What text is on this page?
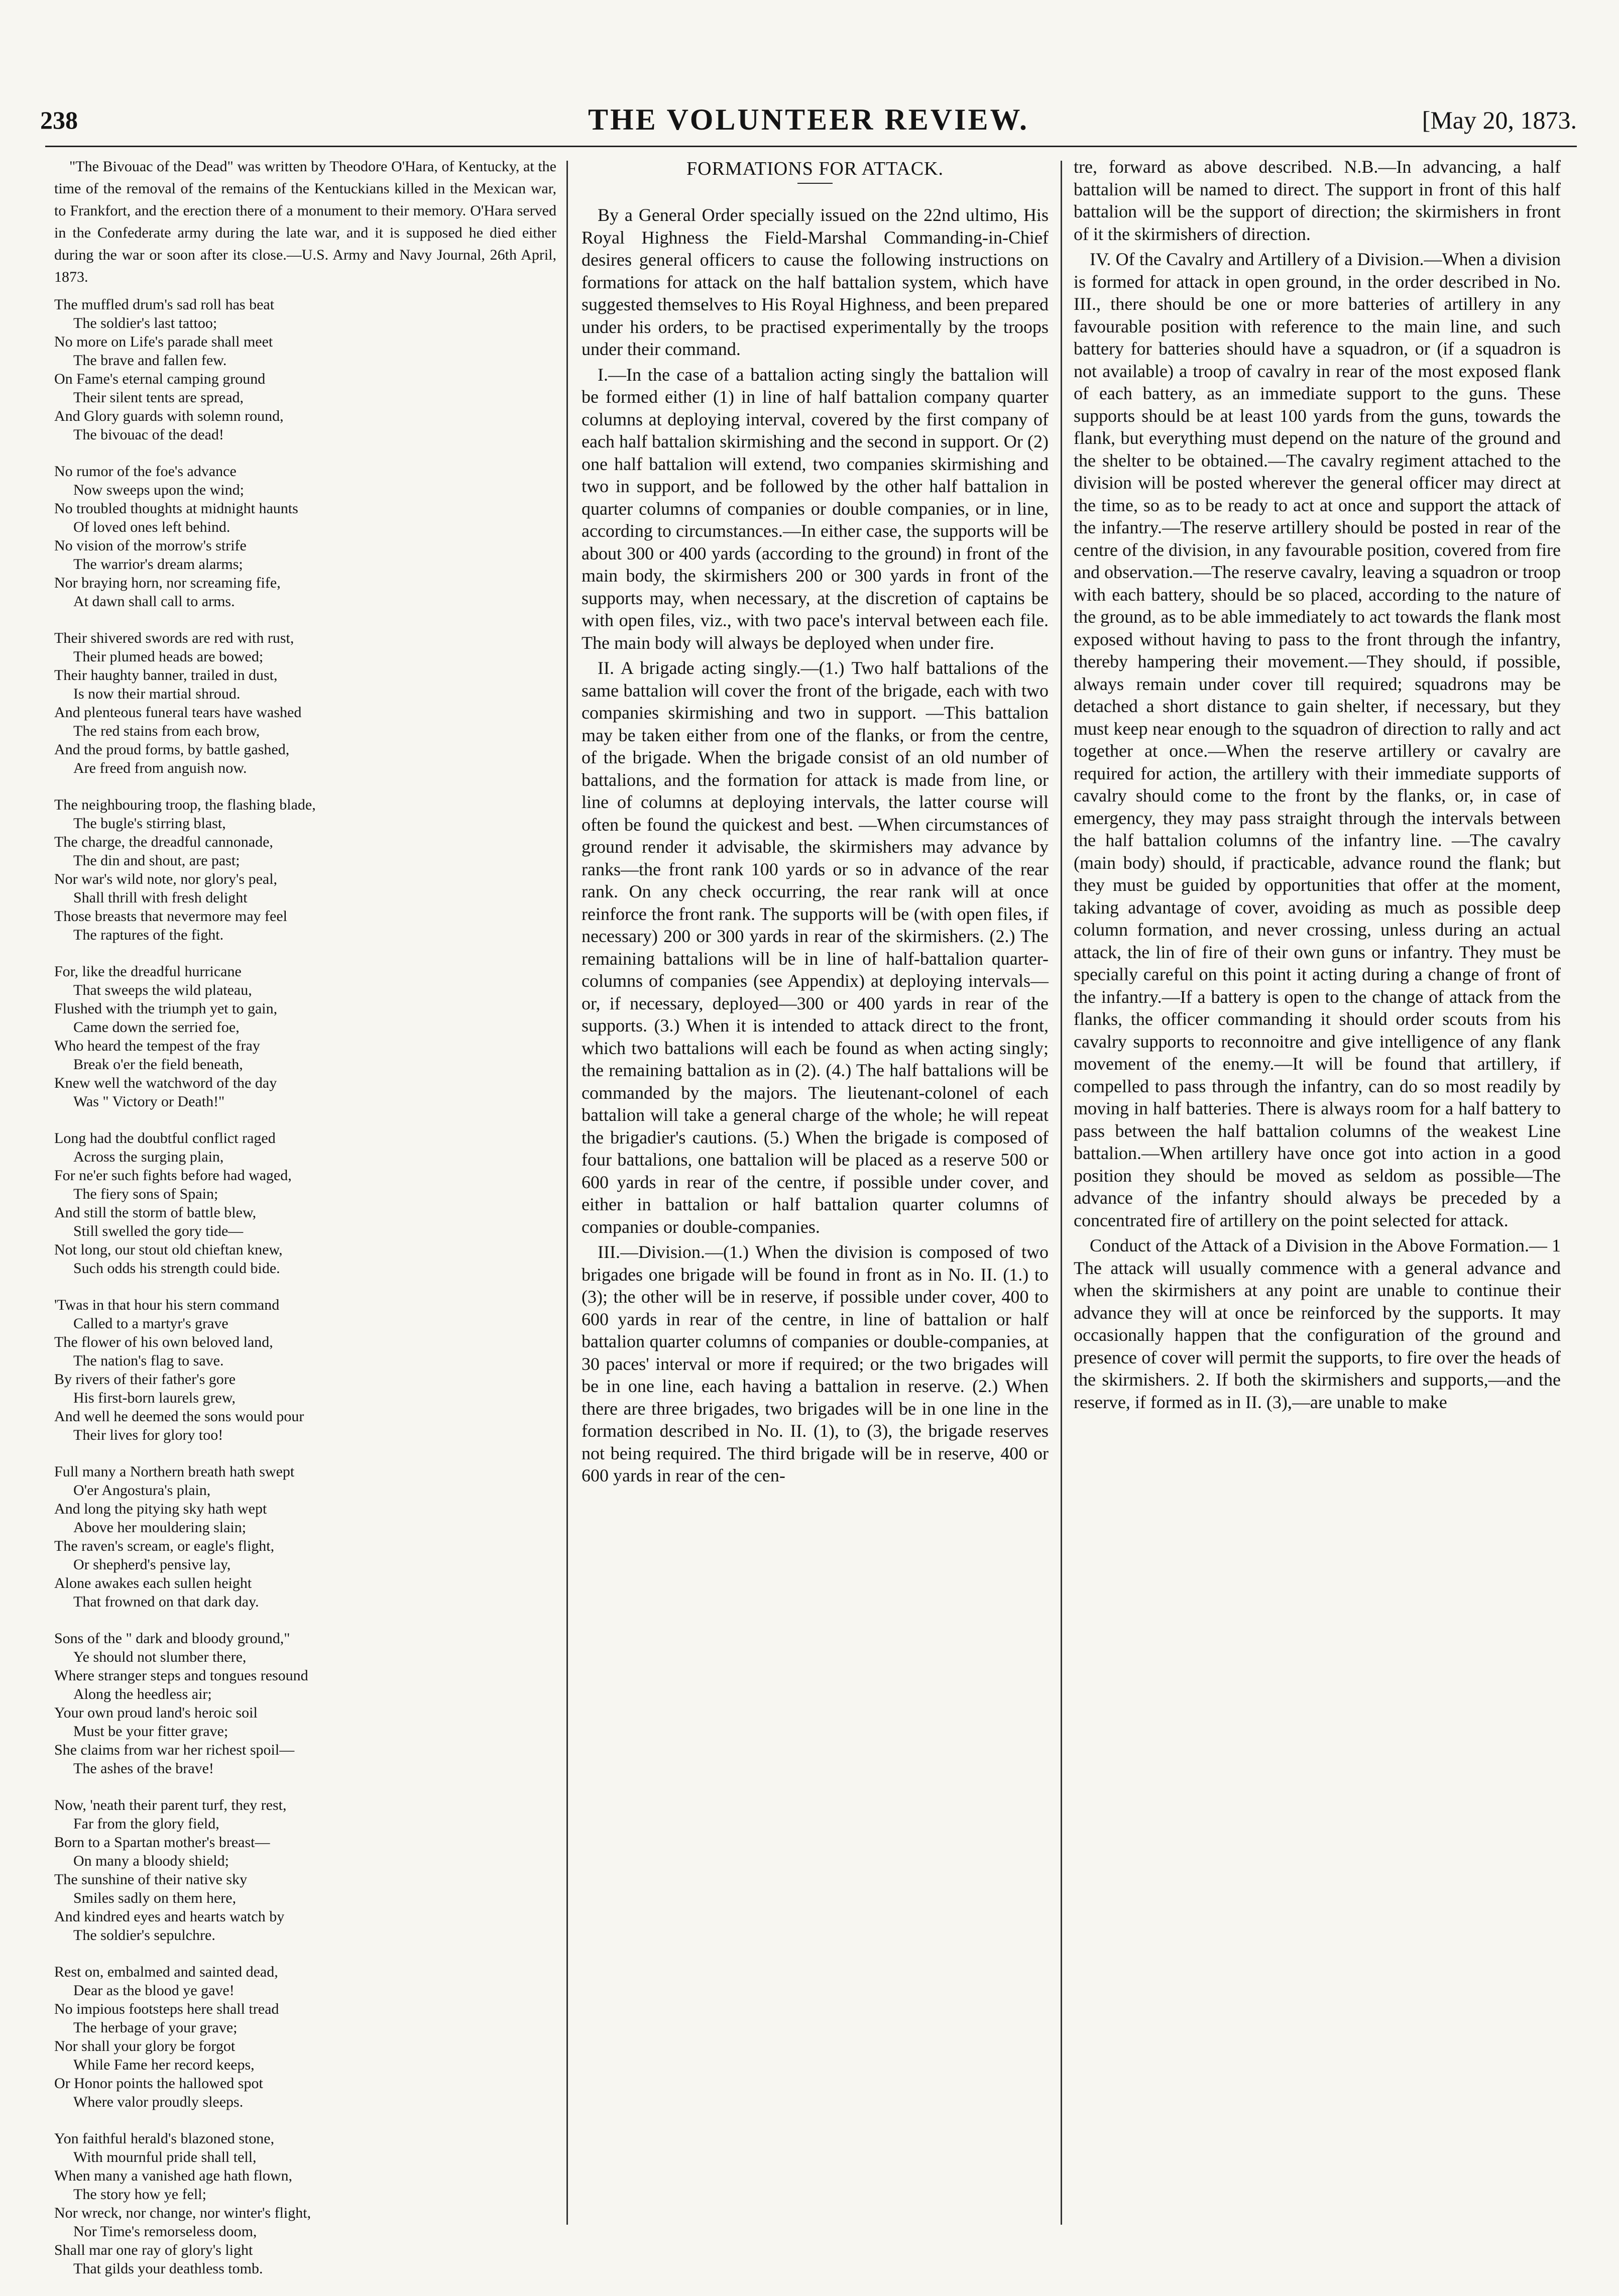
238	THE VOLUNTEER REVIEW.	[May 20, 1873.

"The Bivouac of the Dead" was written by Theodore O'Hara, of Kentucky, at the time of the removal of the remains of the Kentuckians killed in the Mexican war, to Frankfort, and the erection there of a monument to their memory. O'Hara served in the Confederate army during the late war, and it is supposed he died either during the war or soon after its close.—U.S. Army and Navy Journal, 26th April, 1873.

The muffled drum's sad roll has beat
The soldier's last tattoo;
No more on Life's parade shall meet
The brave and fallen few.
On Fame's eternal camping ground
Their silent tents are spread,
And Glory guards with solemn round,
The bivouac of the dead!
No rumor of the foe's advance
Now sweeps upon the wind;
No troubled thoughts at midnight haunts
Of loved ones left behind.
No vision of the morrow's strife
The warrior's dream alarms;
Nor braying horn, nor screaming fife,
At dawn shall call to arms.
Their shivered swords are red with rust,
Their plumed heads are bowed;
Their haughty banner, trailed in dust,
Is now their martial shroud.
And plenteous funeral tears have washed
The red stains from each brow,
And the proud forms, by battle gashed,
Are freed from anguish now.
The neighbouring troop, the flashing blade,
The bugle's stirring blast,
The charge, the dreadful cannonade,
The din and shout, are past;
Nor war's wild note, nor glory's peal,
Shall thrill with fresh delight
Those breasts that nevermore may feel
The raptures of the fight.
For, like the dreadful hurricane
That sweeps the wild plateau,
Flushed with the triumph yet to gain,
Came down the serried foe,
Who heard the tempest of the fray
Break o'er the field beneath,
Knew well the watchword of the day
Was " Victory or Death!"
Long had the doubtful conflict raged
Across the surging plain,
For ne'er such fights before had waged,
The fiery sons of Spain;
And still the storm of battle blew,
Still swelled the gory tide—
Not long, our stout old chieftan knew,
Such odds his strength could bide.
'Twas in that hour his stern command
Called to a martyr's grave
The flower of his own beloved land,
The nation's flag to save.
By rivers of their father's gore
His first-born laurels grew,
And well he deemed the sons would pour
Their lives for glory too!
Full many a Northern breath hath swept
O'er Angostura's plain,
And long the pitying sky hath wept
Above her mouldering slain;
The raven's scream, or eagle's flight,
Or shepherd's pensive lay,
Alone awakes each sullen height
That frowned on that dark day.
Sons of the " dark and bloody ground,"
Ye should not slumber there,
Where stranger steps and tongues resound
Along the heedless air;
Your own proud land's heroic soil
Must be your fitter grave;
She claims from war her richest spoil—
The ashes of the brave!
Now, 'neath their parent turf, they rest,
Far from the glory field,
Born to a Spartan mother's breast—
On many a bloody shield;
The sunshine of their native sky
Smiles sadly on them here,
And kindred eyes and hearts watch by
The soldier's sepulchre.
Rest on, embalmed and sainted dead,
Dear as the blood ye gave!
No impious footsteps here shall tread
The herbage of your grave;
Nor shall your glory be forgot
While Fame her record keeps,
Or Honor points the hallowed spot
Where valor proudly sleeps.
Yon faithful herald's blazoned stone,
With mournful pride shall tell,
When many a vanished age hath flown,
The story how ye fell;
Nor wreck, nor change, nor winter's flight,
Nor Time's remorseless doom,
Shall mar one ray of glory's light
That gilds your deathless tomb.
FORMATIONS FOR ATTACK.

By a General Order specially issued on the 22nd ultimo, His Royal Highness the Field-Marshal Commanding-in-Chief desires general officers to cause the following instructions on formations for attack on the half battalion system, which have suggested themselves to His Royal Highness, and been prepared under his orders, to be practised experimentally by the troops under their command.

I.—In the case of a battalion acting singly the battalion will be formed either (1) in line of half battalion company quarter columns at deploying interval, covered by the first company of each half battalion skirmishing and the second in support. Or (2) one half battalion will extend, two companies skirmishing and two in support, and be followed by the other half battalion in quarter columns of companies or double companies, or in line, according to circumstances.—In either case, the supports will be about 300 or 400 yards (according to the ground) in front of the main body, the skirmishers 200 or 300 yards in front of the supports may, when necessary, at the discretion of captains be with open files, viz., with two pace's interval between each file. The main body will always be deployed when under fire.

II. A brigade acting singly.—(1.) Two half battalions of the same battalion will cover the front of the brigade, each with two companies skirmishing and two in support. —This battalion may be taken either from one of the flanks, or from the centre, of the brigade. When the brigade consist of an old number of battalions, and the formation for attack is made from line, or line of columns at deploying intervals, the latter course will often be found the quickest and best. —When circumstances of ground render it advisable, the skirmishers may advance by ranks—the front rank 100 yards or so in advance of the rear rank. On any check occurring, the rear rank will at once reinforce the front rank. The supports will be (with open files, if necessary) 200 or 300 yards in rear of the skirmishers. (2.) The remaining battalions will be in line of half-battalion quarter-columns of companies (see Appendix) at deploying intervals—or, if necessary, deployed—300 or 400 yards in rear of the supports. (3.) When it is intended to attack direct to the front, which two battalions will each be found as when acting singly; the remaining battalion as in (2). (4.) The half battalions will be commanded by the majors. The lieutenant-colonel of each battalion will take a general charge of the whole; he will repeat the brigadier's cautions. (5.) When the brigade is composed of four battalions, one battalion will be placed as a reserve 500 or 600 yards in rear of the centre, if possible under cover, and either in battalion or half battalion quarter columns of companies or double-companies.

III.—Division.—(1.) When the division is composed of two brigades one brigade will be found in front as in No. II. (1.) to (3); the other will be in reserve, if possible under cover, 400 to 600 yards in rear of the centre, in line of battalion or half battalion quarter columns of companies or double-companies, at 30 paces' interval or more if required; or the two brigades will be in one line, each having a battalion in reserve. (2.) When there are three brigades, two brigades will be in one line in the formation described in No. II. (1), to (3), the brigade reserves not being required. The third brigade will be in reserve, 400 or 600 yards in rear of the cen-

tre, forward as above described. N.B.—In advancing, a half battalion will be named to direct. The support in front of this half battalion will be the support of direction; the skirmishers in front of it the skirmishers of direction.

IV. Of the Cavalry and Artillery of a Division.—When a division is formed for attack in open ground, in the order described in No. III., there should be one or more batteries of artillery in any favourable position with reference to the main line, and such battery for batteries should have a squadron, or (if a squadron is not available) a troop of cavalry in rear of the most exposed flank of each battery, as an immediate support to the guns. These supports should be at least 100 yards from the guns, towards the flank, but everything must depend on the nature of the ground and the shelter to be obtained.—The cavalry regiment attached to the division will be posted wherever the general officer may direct at the time, so as to be ready to act at once and support the attack of the infantry.—The reserve artillery should be posted in rear of the centre of the division, in any favourable position, covered from fire and observation.—The reserve cavalry, leaving a squadron or troop with each battery, should be so placed, according to the nature of the ground, as to be able immediately to act towards the flank most exposed without having to pass to the front through the infantry, thereby hampering their movement.—They should, if possible, always remain under cover till required; squadrons may be detached a short distance to gain shelter, if necessary, but they must keep near enough to the squadron of direction to rally and act together at once.—When the reserve artillery or cavalry are required for action, the artillery with their immediate supports of cavalry should come to the front by the flanks, or, in case of emergency, they may pass straight through the intervals between the half battalion columns of the infantry line. —The cavalry (main body) should, if practicable, advance round the flank; but they must be guided by opportunities that offer at the moment, taking advantage of cover, avoiding as much as possible deep column formation, and never crossing, unless during an actual attack, the lin of fire of their own guns or infantry. They must be specially careful on this point it acting during a change of front of the infantry.—If a battery is open to the change of attack from the flanks, the officer commanding it should order scouts from his cavalry supports to reconnoitre and give intelligence of any flank movement of the enemy.—It will be found that artillery, if compelled to pass through the infantry, can do so most readily by moving in half batteries. There is always room for a half battery to pass between the half battalion columns of the weakest Line battalion.—When artillery have once got into action in a good position they should be moved as seldom as possible—The advance of the infantry should always be preceded by a concentrated fire of artillery on the point selected for attack.

Conduct of the Attack of a Division in the Above Formation.— 1 The attack will usually commence with a general advance and when the skirmishers at any point are unable to continue their advance they will at once be reinforced by the supports. It may occasionally happen that the configuration of the ground and presence of cover will permit the supports, to fire over the heads of the skirmishers. 2. If both the skirmishers and supports,—and the reserve, if formed as in II. (3),—are unable to make
